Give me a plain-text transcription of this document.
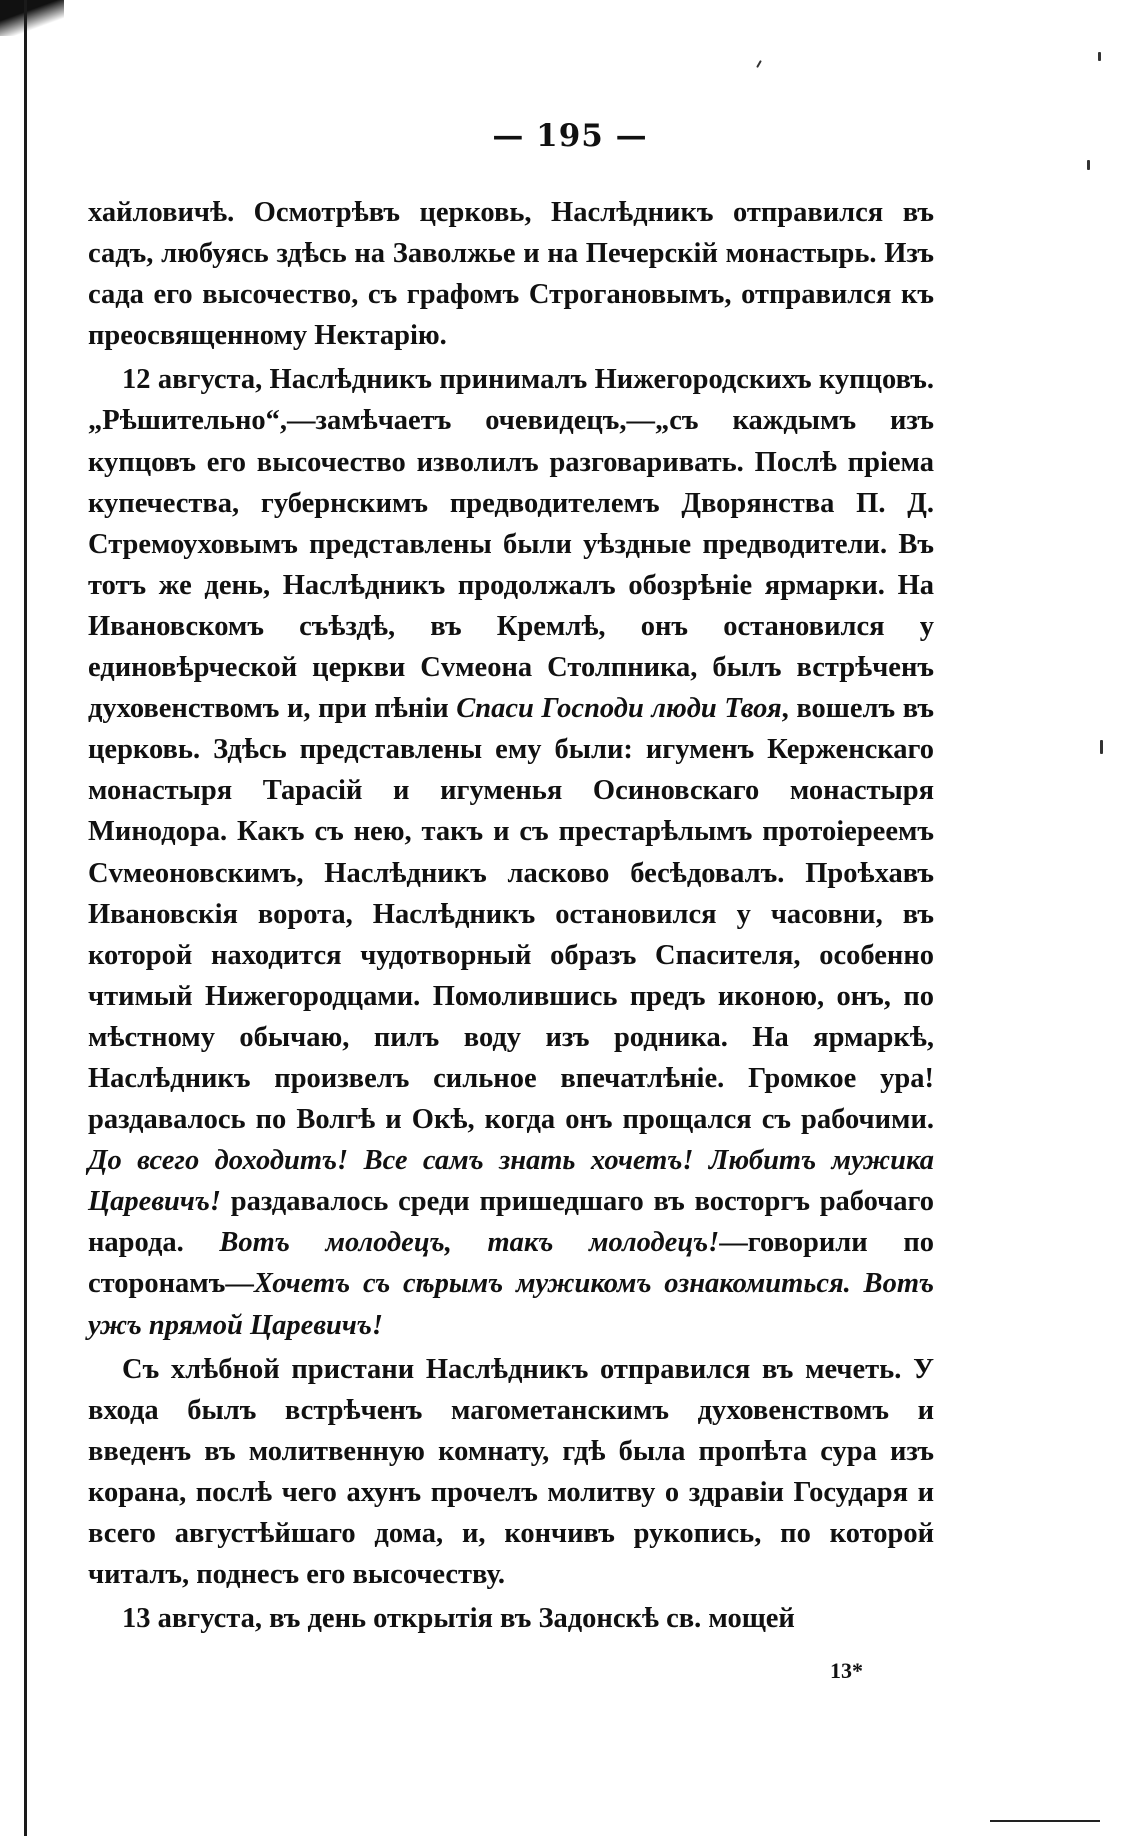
— 195 —

хайловичѣ. Осмотрѣвъ церковь, Наслѣдникъ отправился въ садъ, любуясь здѣсь на Заволжье и на Печерскій монастырь. Изъ сада его высочество, съ графомъ Строгановымъ, отправился къ преосвященному Нектарію.

12 августа, Наслѣдникъ принималъ Нижегородскихъ купцовъ. „Рѣшительно“,—замѣчаетъ очевидецъ,—„съ каждымъ изъ купцовъ его высочество изволилъ разговаривать. Послѣ пріема купечества, губернскимъ предводителемъ Дворянства П. Д. Стремоуховымъ представлены были уѣздные предводители. Въ тотъ же день, Наслѣдникъ продолжалъ обозрѣніе ярмарки. На Ивановскомъ съѣздѣ, въ Кремлѣ, онъ остановился у единовѣрческой церкви Сvмеона Столпника, былъ встрѣченъ духовенствомъ и, при пѣніи Спаси Господи люди Твоя, вошелъ въ церковь. Здѣсь представлены ему были: игуменъ Керженскаго монастыря Тарасій и игуменья Осиновскаго монастыря Минодора. Какъ съ нею, такъ и съ престарѣлымъ протоіереемъ Сvмеоновскимъ, Наслѣдникъ ласково бесѣдовалъ. Проѣхавъ Ивановскія ворота, Наслѣдникъ остановился у часовни, въ которой находится чудотворный образъ Спасителя, особенно чтимый Нижегородцами. Помолившись предъ иконою, онъ, по мѣстному обычаю, пилъ воду изъ родника. На ярмаркѣ, Наслѣдникъ произвелъ сильное впечатлѣніе. Громкое ура! раздавалось по Волгѣ и Окѣ, когда онъ прощался съ рабочими. До всего доходитъ! Все самъ знать хочетъ! Любитъ мужика Царевичъ! раздавалось среди пришедшаго въ восторгъ рабочаго народа. Вотъ молодецъ, такъ молодецъ!—говорили по сторонамъ—Хочетъ съ сѣрымъ мужикомъ ознакомиться. Вотъ ужъ прямой Царевичъ!

Съ хлѣбной пристани Наслѣдникъ отправился въ мечеть. У входа былъ встрѣченъ магометанскимъ духовенствомъ и введенъ въ молитвенную комнату, гдѣ была пропѣта сура изъ корана, послѣ чего ахунъ прочелъ молитву о здравіи Государя и всего августѣйшаго дома, и, кончивъ рукопись, по которой читалъ, поднесъ его высочеству.

13 августа, въ день открытія въ Задонскѣ св. мощей

13*
